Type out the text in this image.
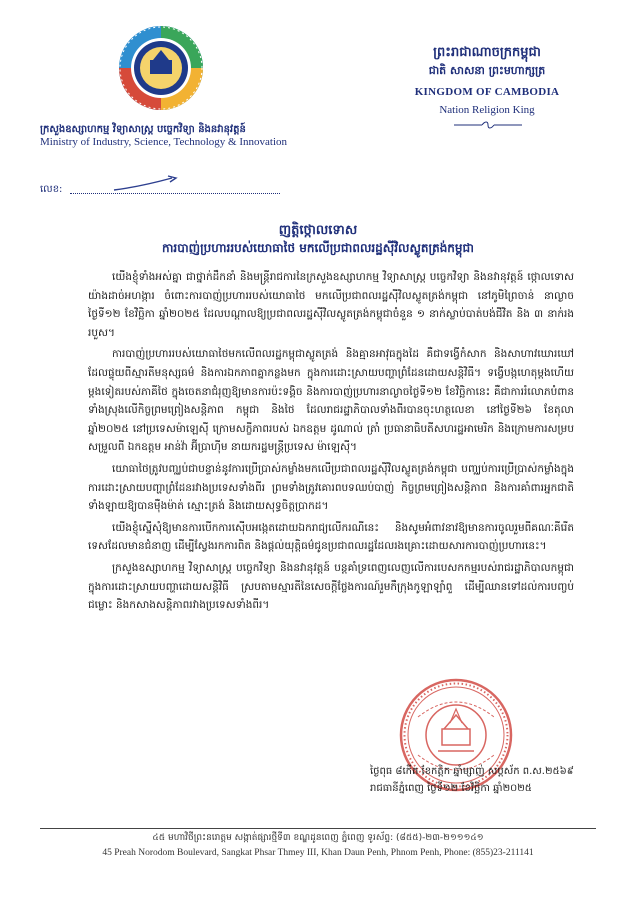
ក្រសួងឧស្សាហកម្ម វិទ្យាសាស្ត្រ បច្ចេកវិទ្យា និងនវានុវត្តន៍
Ministry of Industry, Science, Technology & Innovation
លេខ:
ព្រះរាជាណាចក្រកម្ពុជា
ជាតិ សាសនា ព្រះមហាក្សត្រ
KINGDOM OF CAMBODIA
Nation Religion King
ញត្តិថ្កោលទោស
ការបាញ់ប្រហាររបស់យោធាថៃ មកលើប្រជាពលរដ្ឋស៊ីវិលស្លូតត្រង់កម្ពុជា

យើងខ្ញុំទាំងអស់គ្នា ជាថ្នាក់ដឹកនាំ និងមន្ត្រីរាជការនៃក្រសួងឧស្សាហកម្ម វិទ្យាសាស្ត្រ បច្ចេកវិទ្យា និងនវានុវត្តន៍ ថ្កោលទោសយ៉ាងដាច់អហង្ការ ចំពោះការបាញ់ប្រហាររបស់យោធាថៃ មកលើប្រជាពលរដ្ឋស៊ីវិលស្លូតត្រង់កម្ពុជា នៅភូមិព្រៃចាន់ នាល្ងាចថ្ងៃទី១២ ខែវិច្ឆិកា ឆ្នាំ២០២៥ ដែលបណ្តាលឱ្យប្រជាពលរដ្ឋស៊ីវិលស្លូតត្រង់កម្ពុជាចំនួន ១ នាក់ស្លាប់បាត់បង់ជីវិត និង ៣ នាក់រងរបួស។

ការបាញ់ប្រហាររបស់យោធាថៃមកលើពលរដ្ឋកម្ពុជាស្លូតត្រង់ និងគ្មានអាវុធក្នុងដៃ គឺជាទង្វើកំសាក និងសាហាវឃោរឃៅ ដែលផ្ទុយពីស្មារតីមនុស្សធម៌ និងការឯកភាពគ្នាកន្លងមក ក្នុងការដោះស្រាយបញ្ហាព្រំដែនដោយសន្តិវិធី។ ទង្វើបង្កហេតុម្តងហើយម្តងទៀតរបស់ភាគីថៃ ក្នុងចេតនាជំរុញឱ្យមានការប៉ះទង្គិច និងការបាញ់ប្រហារនាល្ងាចថ្ងៃទី១២ ខែវិច្ឆិកានេះ គឺជាការរំលោភបំពានទាំងស្រុងលើកិច្ចព្រមព្រៀងសន្តិភាព កម្ពុជា និងថៃ ដែលរាជរដ្ឋាភិបាលទាំងពីរបានចុះហត្ថលេខា នៅថ្ងៃទី២៦ ខែតុលា ឆ្នាំ២០២៥ នៅប្រទេសម៉ាឡេស៊ី ក្រោមសក្ខីភាពរបស់ ឯកឧត្តម ដូណាល់ ត្រាំ ប្រធានាធិបតីសហរដ្ឋអាមេរិក និងក្រោមការសម្របសម្រួលពី ឯកឧត្តម អាន់វ៉ា អ៊ីប្រាហ៊ីម នាយករដ្ឋមន្ត្រីប្រទេស ម៉ាឡេស៊ី។

យោធាថៃត្រូវបញ្ឈប់ជាបន្ទាន់នូវការប្រើប្រាស់កម្លាំងមកលើប្រជាពលរដ្ឋស៊ីវិលស្លូតត្រង់កម្ពុជា បញ្ឈប់ការប្រើប្រាស់កម្លាំងក្នុងការដោះស្រាយបញ្ហាព្រំដែនរវាងប្រទេសទាំងពីរ ព្រមទាំងត្រូវគោរពបទឈប់បាញ់ កិច្ចព្រមព្រៀងសន្តិភាព និងការគាំពារអ្នកជាតិទាំងឡាយឱ្យបានម៉ឺងម៉ាត់ ស្មោះត្រង់ និងដោយសុទ្ធចិត្តប្រាកដ។

យើងខ្ញុំស្នើសុំឱ្យមានការបើកការស៊ើបអង្កេតដោយឯករាជ្យលើករណីនេះ និងសូមអំពាវនាវឱ្យមានការចូលរួមពីគណៈគីរើតទេសដែលមានជំនាញ ដើម្បីស្វែងរកការពិត និងផ្តល់យុត្តិធម៌ជូនប្រជាពលរដ្ឋដែលរងគ្រោះដោយសារការបាញ់ប្រហារនេះ។

ក្រសួងឧស្សាហកម្ម វិទ្យាសាស្ត្រ បច្ចេកវិទ្យា និងនវានុវត្តន៍ បន្តគាំទ្រពេញលេញលើការបេសកកម្មរបស់រាជរដ្ឋាភិបាលកម្ពុជា ក្នុងការដោះស្រាយបញ្ហាដោយសន្តិវិធី ស្របតាមស្មារតីនៃសេចក្តីថ្លែងការណ៍រួមកឺក្រុងកូឡាឡាំពួ ដើម្បីឈានទៅដល់ការបញ្ចប់ជម្លោះ និងកសាងសន្តិភាពរវាងប្រទេសទាំងពីរ។

ថ្ងៃពុធ ៨កើត ខែកត្តិក ឆ្នាំម្សាញ់ សប្តស័ក ព.ស.២៥៦៩
រាជធានីភ្នំពេញ ថ្ងៃទី១២ ខែវិច្ឆិកា ឆ្នាំ២០២៥
៤៥ មហាវិថីព្រះនរោត្តម សង្កាត់ផ្សារថ្មីទី៣ ខណ្ឌដូនពេញ ភ្នំពេញ ទូរស័ព្ទ: (៨៥៥)-២៣-២១១១៤១
45 Preah Norodom Boulevard, Sangkat Phsar Thmey III, Khan Daun Penh, Phnom Penh, Phone: (855)23-211141
